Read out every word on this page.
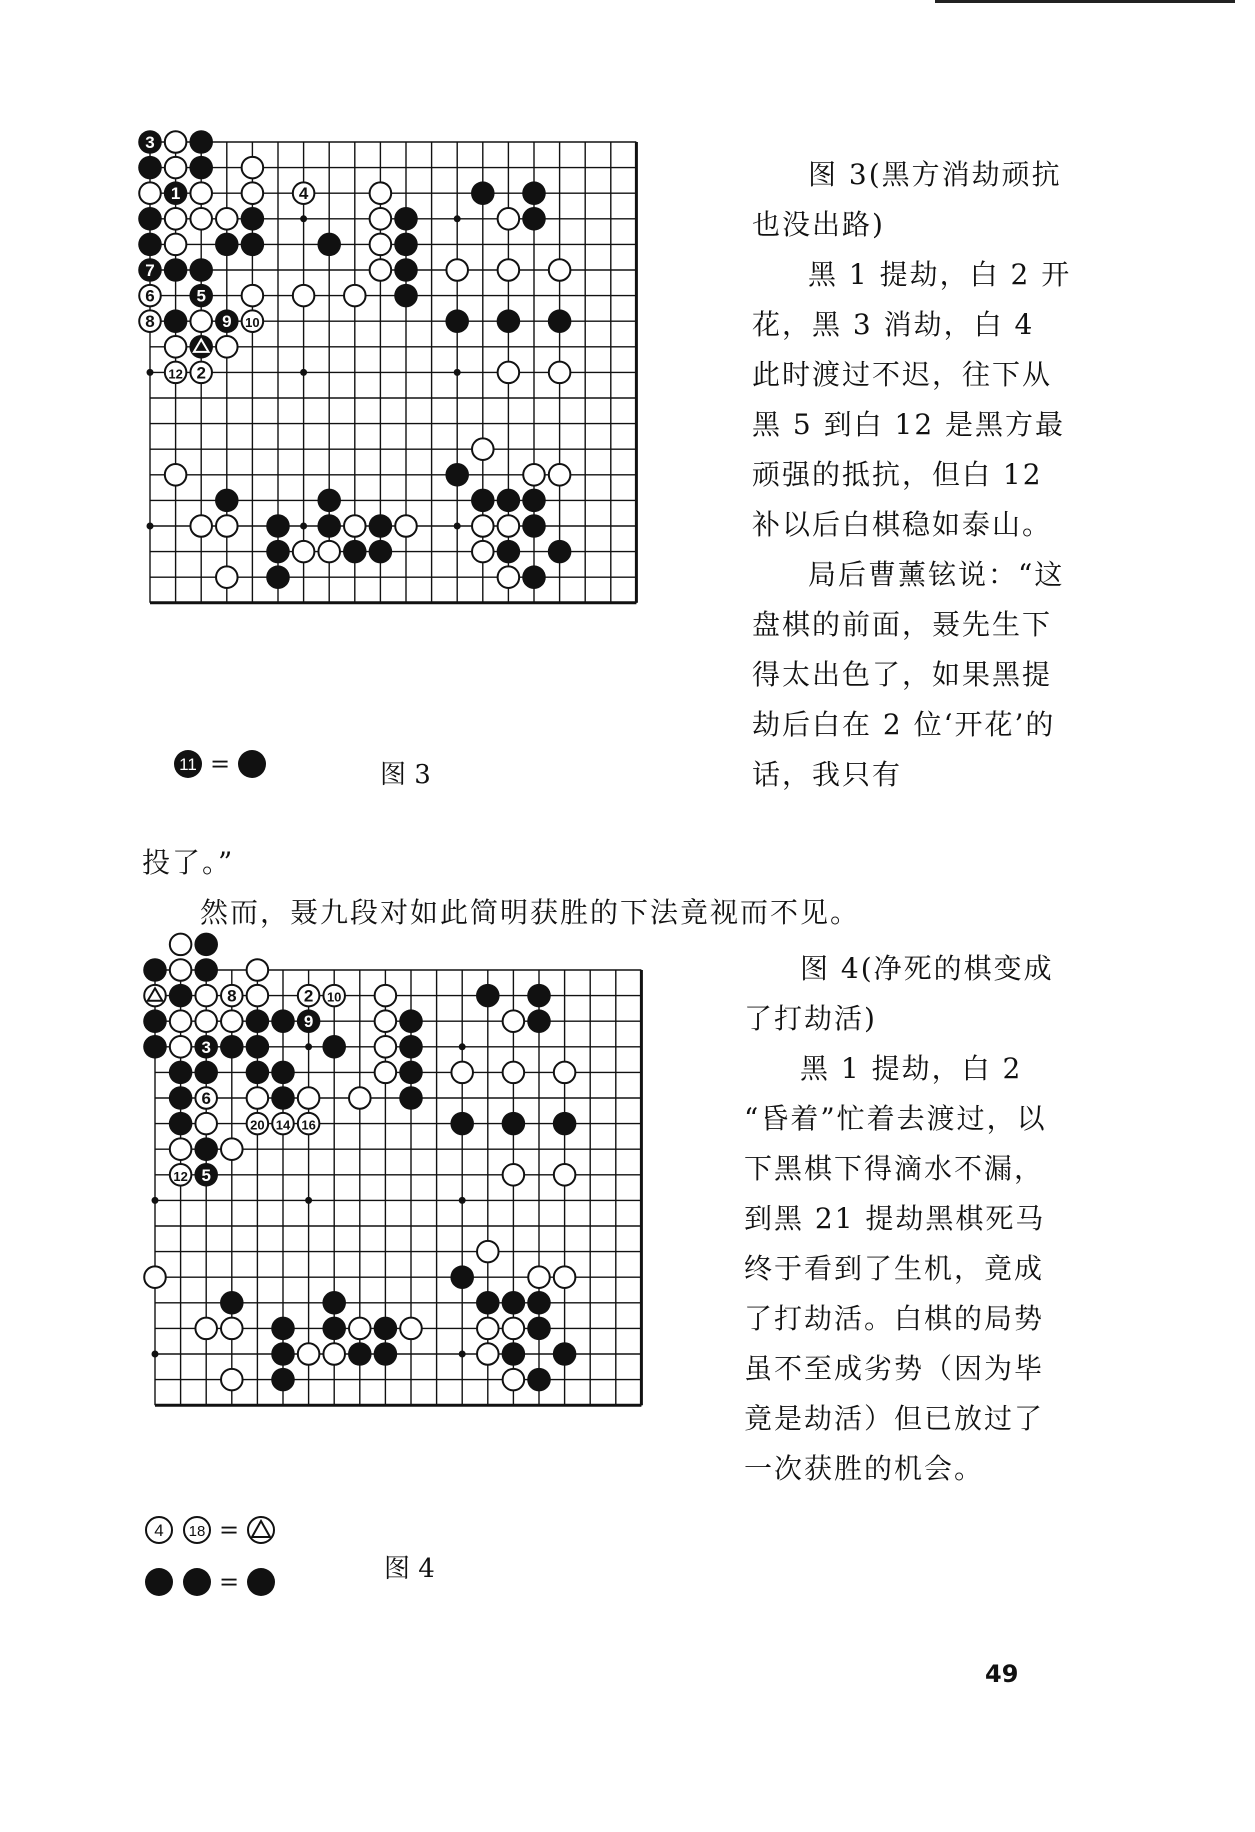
3
1	4
7
6 5
8	9 10
12 2
11 =	图 3

图 3(黑方消劫顽抗也没出路)

黑 1 提劫，白 2 开花，黑 3 消劫，白 4 此时渡过不迟，往下从黑 5 到白 12 是黑方最顽强的抵抗，但白 12 补以后白棋稳如泰山。

局后曹薰铉说：“这盘棋的前面，聂先生下得太出色了，如果黑提劫后白在 2 位‘开花’的话，我只有

投了。”
然而，聂九段对如此简明获胜的下法竟视而不见。
8	2 10
9
3
6
20 14 16
12 5
4 18 =
图 4
=

图 4(净死的棋变成了打劫活)

黑 1 提劫，白 2 “昏着”忙着去渡过，以下黑棋下得滴水不漏，到黑 21 提劫黑棋死马终于看到了生机，竟成了打劫活。白棋的局势虽不至成劣势（因为毕竟是劫活）但已放过了一次获胜的机会。

49
